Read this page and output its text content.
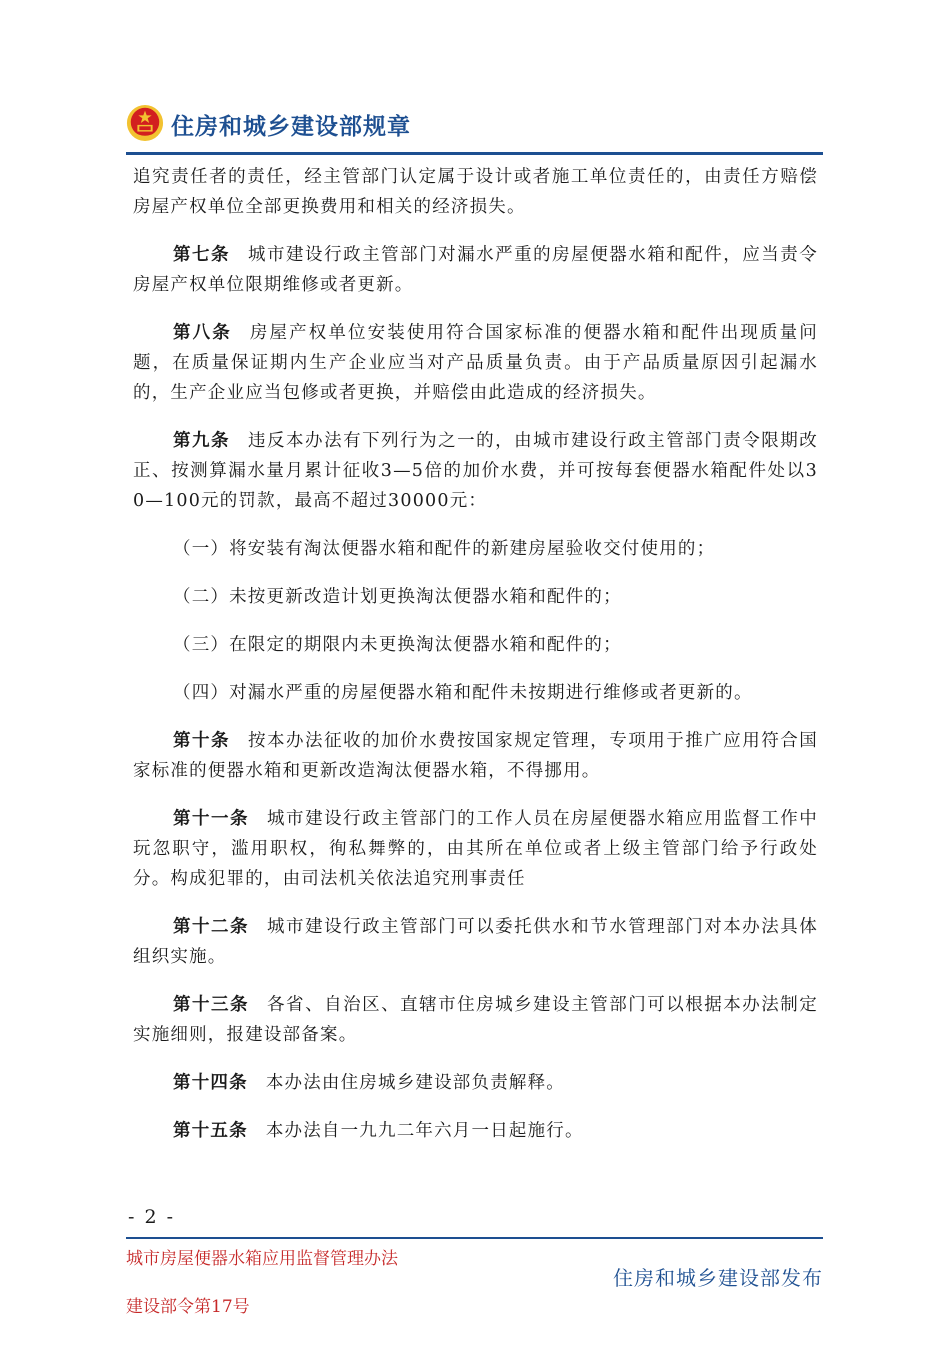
住房和城乡建设部规章

追究责任者的责任，经主管部门认定属于设计或者施工单位责任的，由责任方赔偿房屋产权单位全部更换费用和相关的经济损失。

第七条 城市建设行政主管部门对漏水严重的房屋便器水箱和配件，应当责令房屋产权单位限期维修或者更新。

第八条 房屋产权单位安装使用符合国家标准的便器水箱和配件出现质量问题，在质量保证期内生产企业应当对产品质量负责。由于产品质量原因引起漏水的，生产企业应当包修或者更换，并赔偿由此造成的经济损失。

第九条 违反本办法有下列行为之一的，由城市建设行政主管部门责令限期改正、按测算漏水量月累计征收3—5倍的加价水费，并可按每套便器水箱配件处以30—100元的罚款，最高不超过30000元：

（一）将安装有淘汰便器水箱和配件的新建房屋验收交付使用的；

（二）未按更新改造计划更换淘汰便器水箱和配件的；

（三）在限定的期限内未更换淘汰便器水箱和配件的；

（四）对漏水严重的房屋便器水箱和配件未按期进行维修或者更新的。

第十条 按本办法征收的加价水费按国家规定管理，专项用于推广应用符合国家标准的便器水箱和更新改造淘汰便器水箱，不得挪用。

第十一条 城市建设行政主管部门的工作人员在房屋便器水箱应用监督工作中玩忽职守，滥用职权，徇私舞弊的，由其所在单位或者上级主管部门给予行政处分。构成犯罪的，由司法机关依法追究刑事责任

第十二条 城市建设行政主管部门可以委托供水和节水管理部门对本办法具体组织实施。

第十三条 各省、自治区、直辖市住房城乡建设主管部门可以根据本办法制定实施细则，报建设部备案。

第十四条 本办法由住房城乡建设部负责解释。

第十五条 本办法自一九九二年六月一日起施行。

- 2 -
城市房屋便器水箱应用监督管理办法
建设部令第17号
住房和城乡建设部发布
